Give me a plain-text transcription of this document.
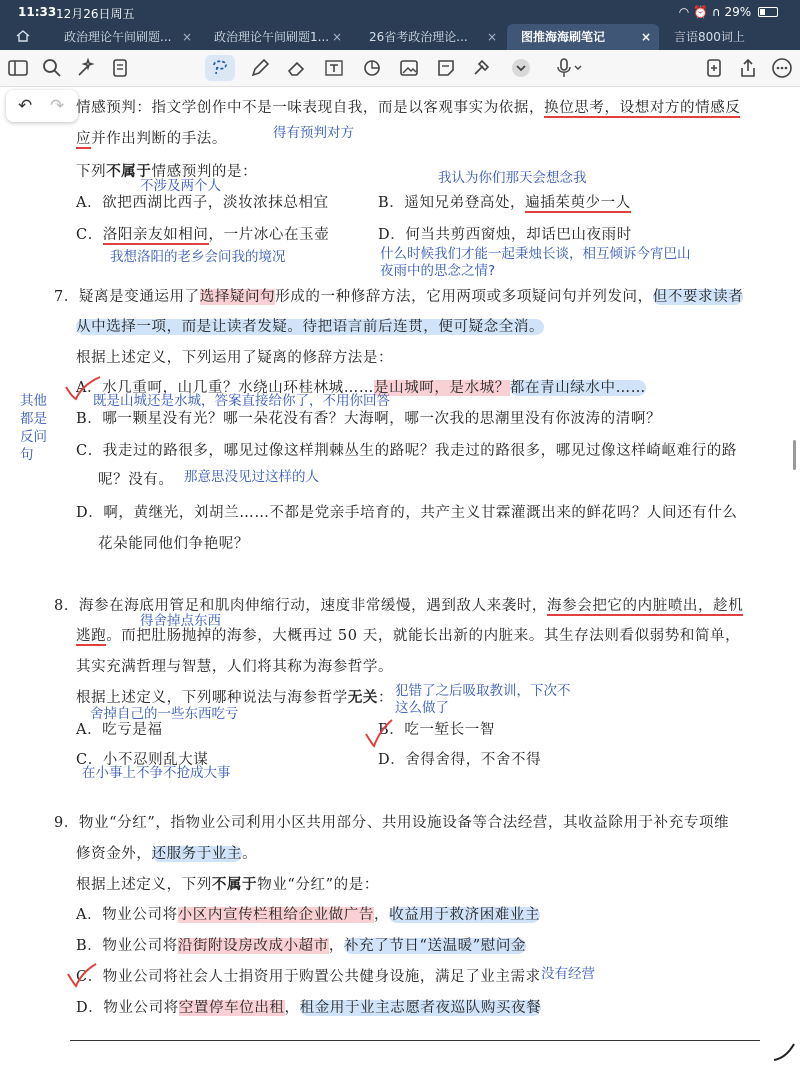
11:33 12月26日周五	◠ ⏰ ∩ 29%
政治理论午间刷题... × 政治理论午间刷题1... × 26省考政治理论... × 图推海海刷笔记	× 言语800词上
↶ ↷ 情感预判：指文学创作中不是一味表现自我，而是以客观事实为依据，换位思考，设想对方的情感反
应并作出判断的手法。
下列不属于情感预判的是：
A．欲把西湖比西子，淡妆浓抹总相宜	B．遥知兄弟登高处，遍插茱萸少一人
C．洛阳亲友如相问，一片冰心在玉壶	D．何当共剪西窗烛，却话巴山夜雨时
7．疑离是变通运用了选择疑问句形成的一种修辞方法，它用两项或多项疑问句并列发问，但不要求读者
从中选择一项，而是让读者发疑。待把语言前后连贯，便可疑念全消。
根据上述定义，下列运用了疑离的修辞方法是：
A．水几重呵，山几重？水绕山环桂林城……是山城呵，是水城？都在青山绿水中……
B．哪一颗星没有光？哪一朵花没有香？大海啊，哪一次我的思潮里没有你波涛的清啊？
C．我走过的路很多，哪见过像这样荆棘丛生的路呢？我走过的路很多，哪见过像这样崎岖难行的路
呢？没有。
D．啊，黄继光，刘胡兰……不都是党亲手培育的，共产主义甘霖灌溉出来的鲜花吗？人间还有什么
花朵能同他们争艳呢？
8．海参在海底用管足和肌肉伸缩行动，速度非常缓慢，遇到敌人来袭时，海参会把它的内脏喷出，趁机
逃跑。而把肚肠抛掉的海参，大概再过 50 天，就能长出新的内脏来。其生存法则看似弱势和简单，
其实充满哲理与智慧，人们将其称为海参哲学。
根据上述定义，下列哪种说法与海参哲学无关：
A．吃亏是福	B．吃一堑长一智
C．小不忍则乱大谋	D．舍得舍得，不舍不得
9．物业“分红”，指物业公司利用小区共用部分、共用设施设备等合法经营，其收益除用于补充专项维
修资金外，还服务于业主。
根据上述定义，下列不属于物业“分红”的是：
A．物业公司将小区内宣传栏租给企业做广告，收益用于救济困难业主
B．物业公司将沿街附设房改成小超市，补充了节日“送温暖”慰问金
C．物业公司将社会人士捐资用于购置公共健身设施，满足了业主需求
D．物业公司将空置停车位出租，租金用于业主志愿者夜巡队购买夜餐
得有预判对方
不涉及两个人	我认为你们那天会想念我
我想洛阳的老乡会问我的境况	什么时候我们才能一起秉烛长谈，相互倾诉今宵巴山
夜雨中的思念之情?
其他
都是
反问
句
既是山城还是水城，答案直接给你了，不用你回答
那意思没见过这样的人
得舍掉点东西
犯错了之后吸取教训，下次不
这么做了
舍掉自己的一些东西吃亏
在小事上不争不抢成大事
没有经营
